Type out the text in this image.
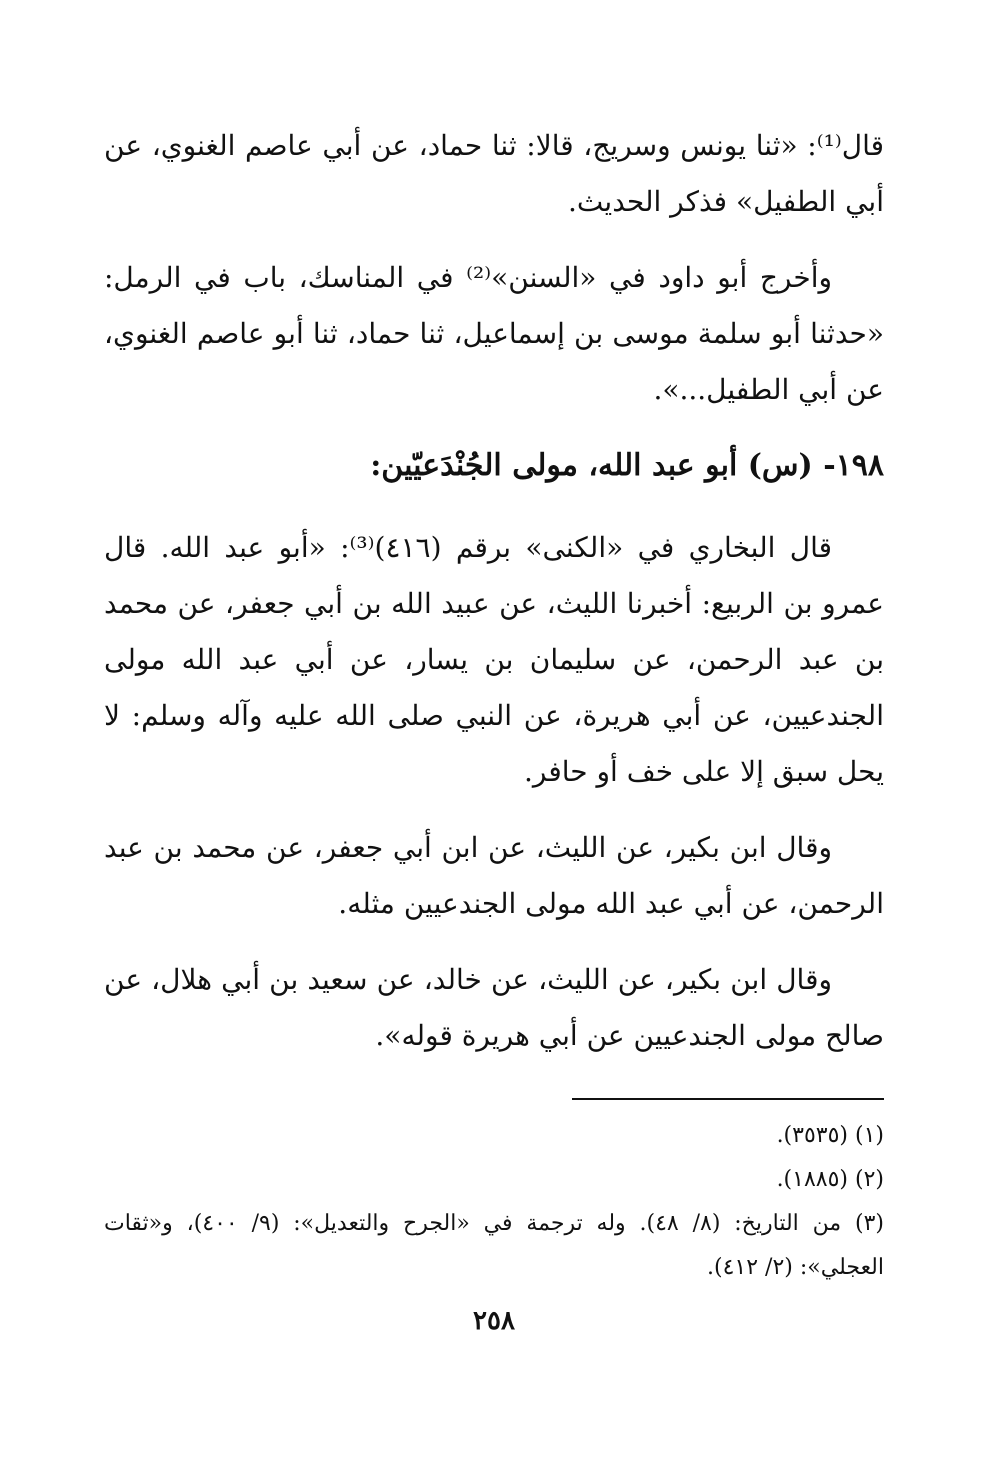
قال⁽¹⁾: «ثنا يونس وسريج، قالا: ثنا حماد، عن أبي عاصم الغنوي، عن أبي الطفيل» فذكر الحديث.

وأخرج أبو داود في «السنن»⁽²⁾ في المناسك، باب في الرمل: «حدثنا أبو سلمة موسى بن إسماعيل، ثنا حماد، ثنا أبو عاصم الغنوي، عن أبي الطفيل...».

١٩٨- (س) أبو عبد الله، مولى الجُنْدَعيّين:

قال البخاري في «الكنى» برقم (٤١٦)⁽³⁾: «أبو عبد الله. قال عمرو بن الربيع: أخبرنا الليث، عن عبيد الله بن أبي جعفر، عن محمد بن عبد الرحمن، عن سليمان بن يسار، عن أبي عبد الله مولى الجندعيين، عن أبي هريرة، عن النبي صلى الله عليه وآله وسلم: لا يحل سبق إلا على خف أو حافر.

وقال ابن بكير، عن الليث، عن ابن أبي جعفر، عن محمد بن عبد الرحمن، عن أبي عبد الله مولى الجندعيين مثله.

وقال ابن بكير، عن الليث، عن خالد، عن سعيد بن أبي هلال، عن صالح مولى الجندعيين عن أبي هريرة قوله».

(١) (٣٥٣٥).

(٢) (١٨٨٥).

(٣) من التاريخ: (٨/ ٤٨). وله ترجمة في «الجرح والتعديل»: (٩/ ٤٠٠)، و«ثقات العجلي»: (٢/ ٤١٢).

٢٥٨
